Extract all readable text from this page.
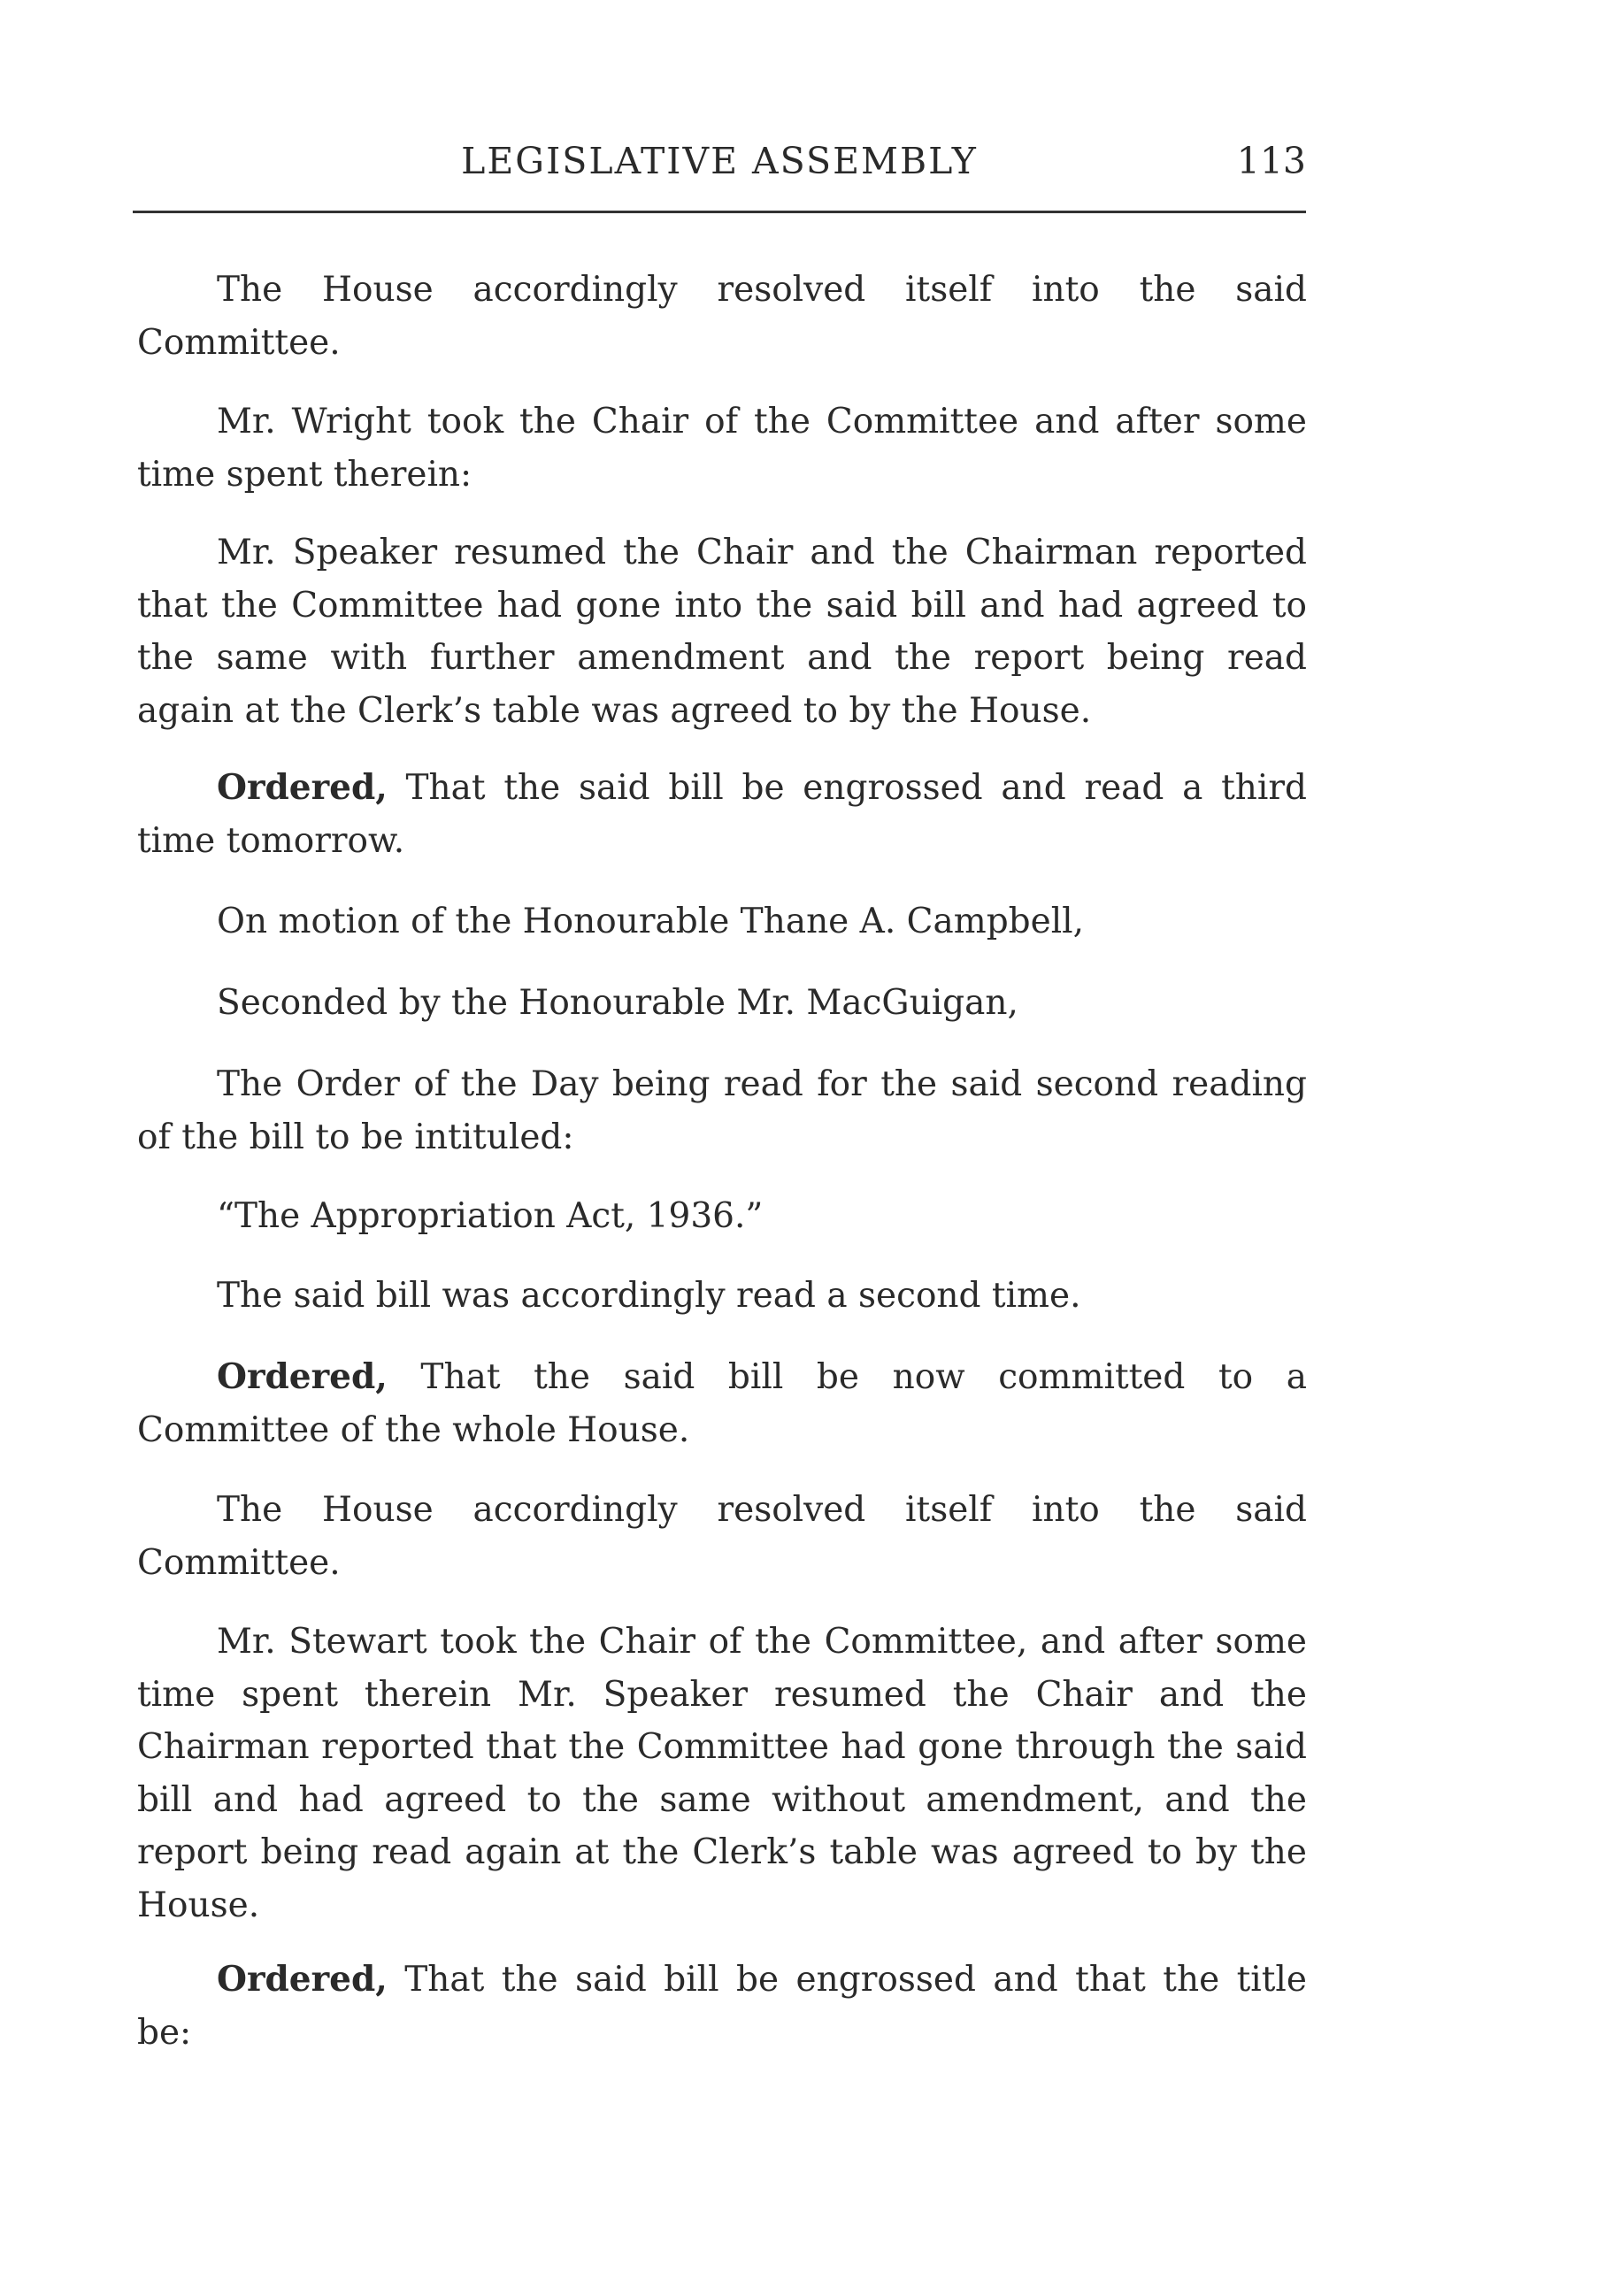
LEGISLATIVE ASSEMBLY	113

The House accordingly resolved itself into the said Committee.

Mr. Wright took the Chair of the Committee and after some time spent therein:

Mr. Speaker resumed the Chair and the Chairman reported that the Committee had gone into the said bill and had agreed to the same with further amendment and the report being read again at the Clerk’s table was agreed to by the House.

Ordered, That the said bill be engrossed and read a third time tomorrow.

On motion of the Honourable Thane A. Campbell,

Seconded by the Honourable Mr. MacGuigan,

The Order of the Day being read for the said second reading of the bill to be intituled:

“The Appropriation Act, 1936.”

The said bill was accordingly read a second time.

Ordered, That the said bill be now committed to a Committee of the whole House.

The House accordingly resolved itself into the said Committee.

Mr. Stewart took the Chair of the Committee, and after some time spent therein Mr. Speaker resumed the Chair and the Chairman reported that the Committee had gone through the said bill and had agreed to the same without amendment, and the report being read again at the Clerk’s table was agreed to by the House.

Ordered, That the said bill be engrossed and that the title be:
